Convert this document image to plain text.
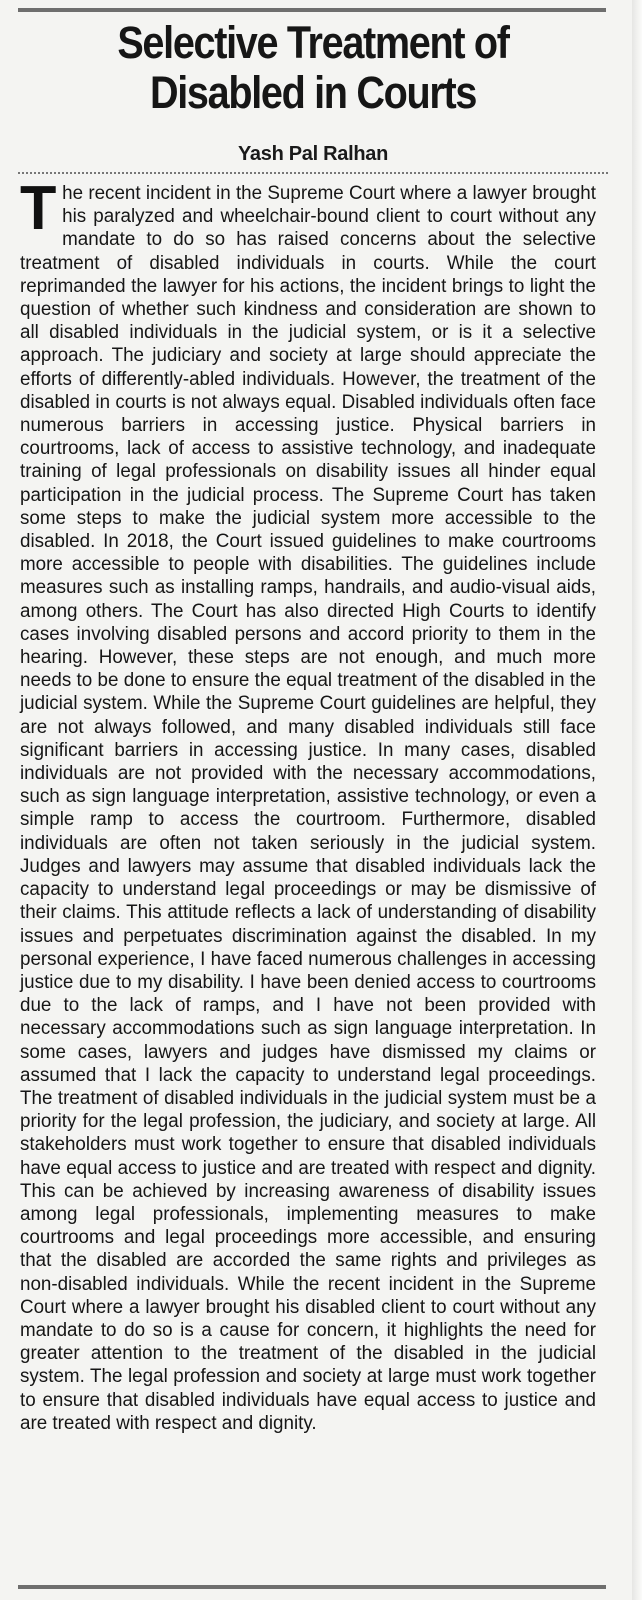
Selective Treatment of Disabled in Courts
Yash Pal Ralhan

The recent incident in the Supreme Court where a lawyer brought his paralyzed and wheelchair-bound client to court without any mandate to do so has raised concerns about the selective treatment of disabled individuals in courts. While the court reprimanded the lawyer for his actions, the incident brings to light the question of whether such kindness and consideration are shown to all disabled individuals in the judicial system, or is it a selective approach. The judiciary and society at large should appreciate the efforts of differently-abled individuals. However, the treatment of the disabled in courts is not always equal. Disabled individuals often face numerous barriers in accessing justice. Physical barriers in courtrooms, lack of access to assistive technology, and inadequate training of legal professionals on disability issues all hinder equal participation in the judicial process. The Supreme Court has taken some steps to make the judicial system more accessible to the disabled. In 2018, the Court issued guidelines to make courtrooms more accessible to people with disabilities. The guidelines include measures such as installing ramps, handrails, and audio-visual aids, among others. The Court has also directed High Courts to identify cases involving disabled persons and accord priority to them in the hearing. However, these steps are not enough, and much more needs to be done to ensure the equal treatment of the disabled in the judicial system. While the Supreme Court guidelines are helpful, they are not always followed, and many disabled individuals still face significant barriers in accessing justice. In many cases, disabled individuals are not provided with the necessary accommodations, such as sign language interpretation, assistive technology, or even a simple ramp to access the courtroom. Furthermore, disabled individuals are often not taken seriously in the judicial system. Judges and lawyers may assume that disabled individuals lack the capacity to understand legal proceedings or may be dismissive of their claims. This attitude reflects a lack of understanding of disability issues and perpetuates discrimination against the disabled. In my personal experience, I have faced numerous challenges in accessing justice due to my disability. I have been denied access to courtrooms due to the lack of ramps, and I have not been provided with necessary accommodations such as sign language interpretation. In some cases, lawyers and judges have dismissed my claims or assumed that I lack the capacity to understand legal proceedings. The treatment of disabled individuals in the judicial system must be a priority for the legal profession, the judiciary, and society at large. All stakeholders must work together to ensure that disabled individuals have equal access to justice and are treated with respect and dignity. This can be achieved by increasing awareness of disability issues among legal professionals, implementing measures to make courtrooms and legal proceedings more accessible, and ensuring that the disabled are accorded the same rights and privileges as non-disabled individuals. While the recent incident in the Supreme Court where a lawyer brought his disabled client to court without any mandate to do so is a cause for concern, it highlights the need for greater attention to the treatment of the disabled in the judicial system. The legal profession and society at large must work together to ensure that disabled individuals have equal access to justice and are treated with respect and dignity.
